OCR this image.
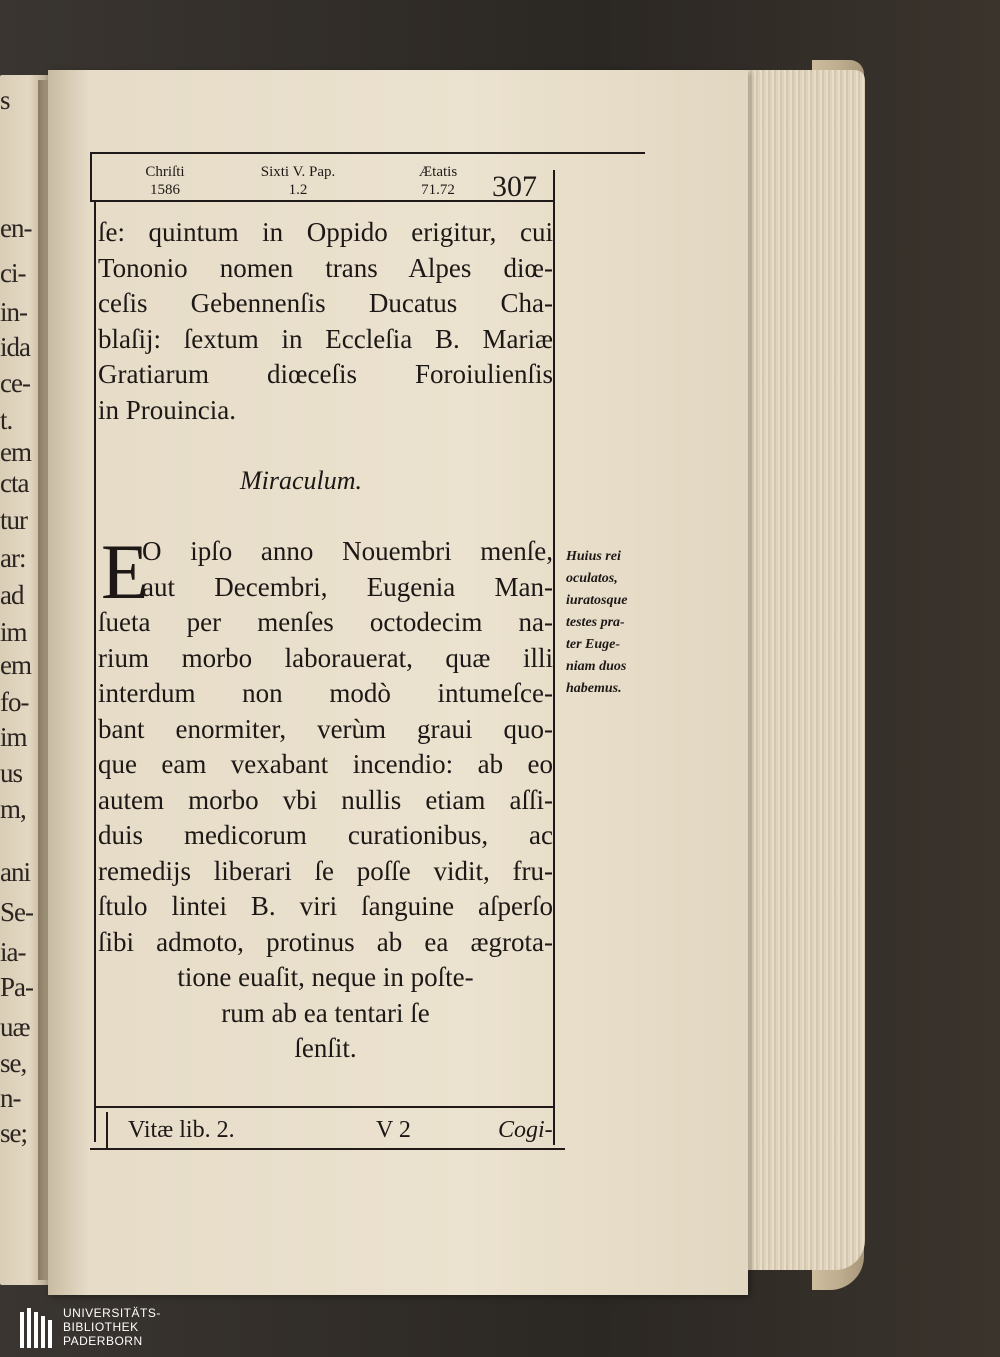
s
en-
ci-
in-
ida
ce-
t.
em
cta
tur
ar:
ad
im
em
fo-
im
us
m,
ani
Se-
ia-
Pa-
uæ
se,
n-
se;
Chriſti
1586
Sixti V. Pap.
1.2
Ætatis
71.72	307
ſe: quintum in Oppido erigitur, cui
Tononio nomen trans Alpes diœ-
ceſis Gebennenſis Ducatus Cha-
blaſij: ſextum in Eccleſia B. Mariæ
Gratiarum diœceſis Foroiulienſis
in Prouincia.
Miraculum.
E
O ipſo anno Nouembri menſe,
aut Decembri, Eugenia Man-
ſueta per menſes octodecim na-
rium morbo laborauerat, quæ illi
interdum non modò intumeſce-
bant enormiter, verùm graui quo-
que eam vexabant incendio: ab eo
autem morbo vbi nullis etiam aſſi-
duis medicorum curationibus, ac
remedijs liberari ſe poſſe vidit, fru-
ſtulo lintei B. viri ſanguine aſperſo
ſibi admoto, protinus ab ea ægrota-
tione euaſit, neque in poſte-
rum ab ea tentari ſe
ſenſit.
Huius rei
oculatos,
iuratosque
testes pra-
ter Euge-
niam duos
habemus.
Vitæ lib. 2.	V 2	Cogi-
UNIVERSITÄTS-
BIBLIOTHEK
PADERBORN
